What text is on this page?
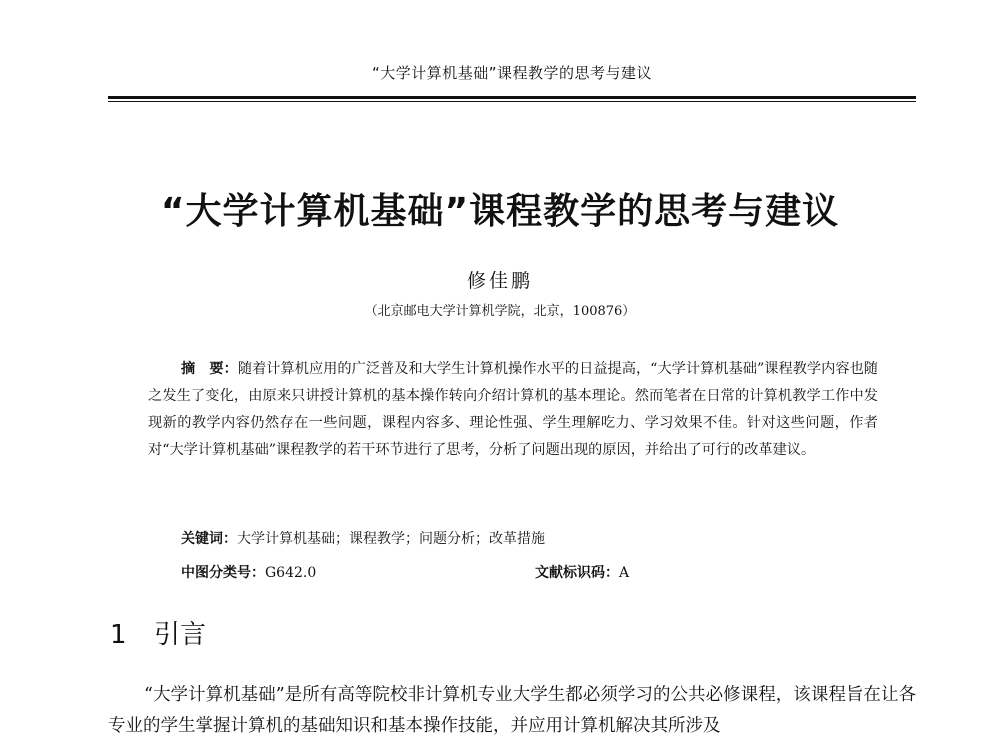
“大学计算机基础”课程教学的思考与建议
“大学计算机基础”课程教学的思考与建议
修佳鹏
（北京邮电大学计算机学院，北京，100876）

摘　要：随着计算机应用的广泛普及和大学生计算机操作水平的日益提高，“大学计算机基础”课程教学内容也随之发生了变化，由原来只讲授计算机的基本操作转向介绍计算机的基本理论。然而笔者在日常的计算机教学工作中发现新的教学内容仍然存在一些问题，课程内容多、理论性强、学生理解吃力、学习效果不佳。针对这些问题，作者对“大学计算机基础”课程教学的若干环节进行了思考，分析了问题出现的原因，并给出了可行的改革建议。

关键词：大学计算机基础；课程教学；问题分析；改革措施
中图分类号：G642.0	文献标识码：A
1 引言

“大学计算机基础”是所有高等院校非计算机专业大学生都必须学习的公共必修课程，该课程旨在让各专业的学生掌握计算机的基础知识和基本操作技能，并应用计算机解决其所涉及
